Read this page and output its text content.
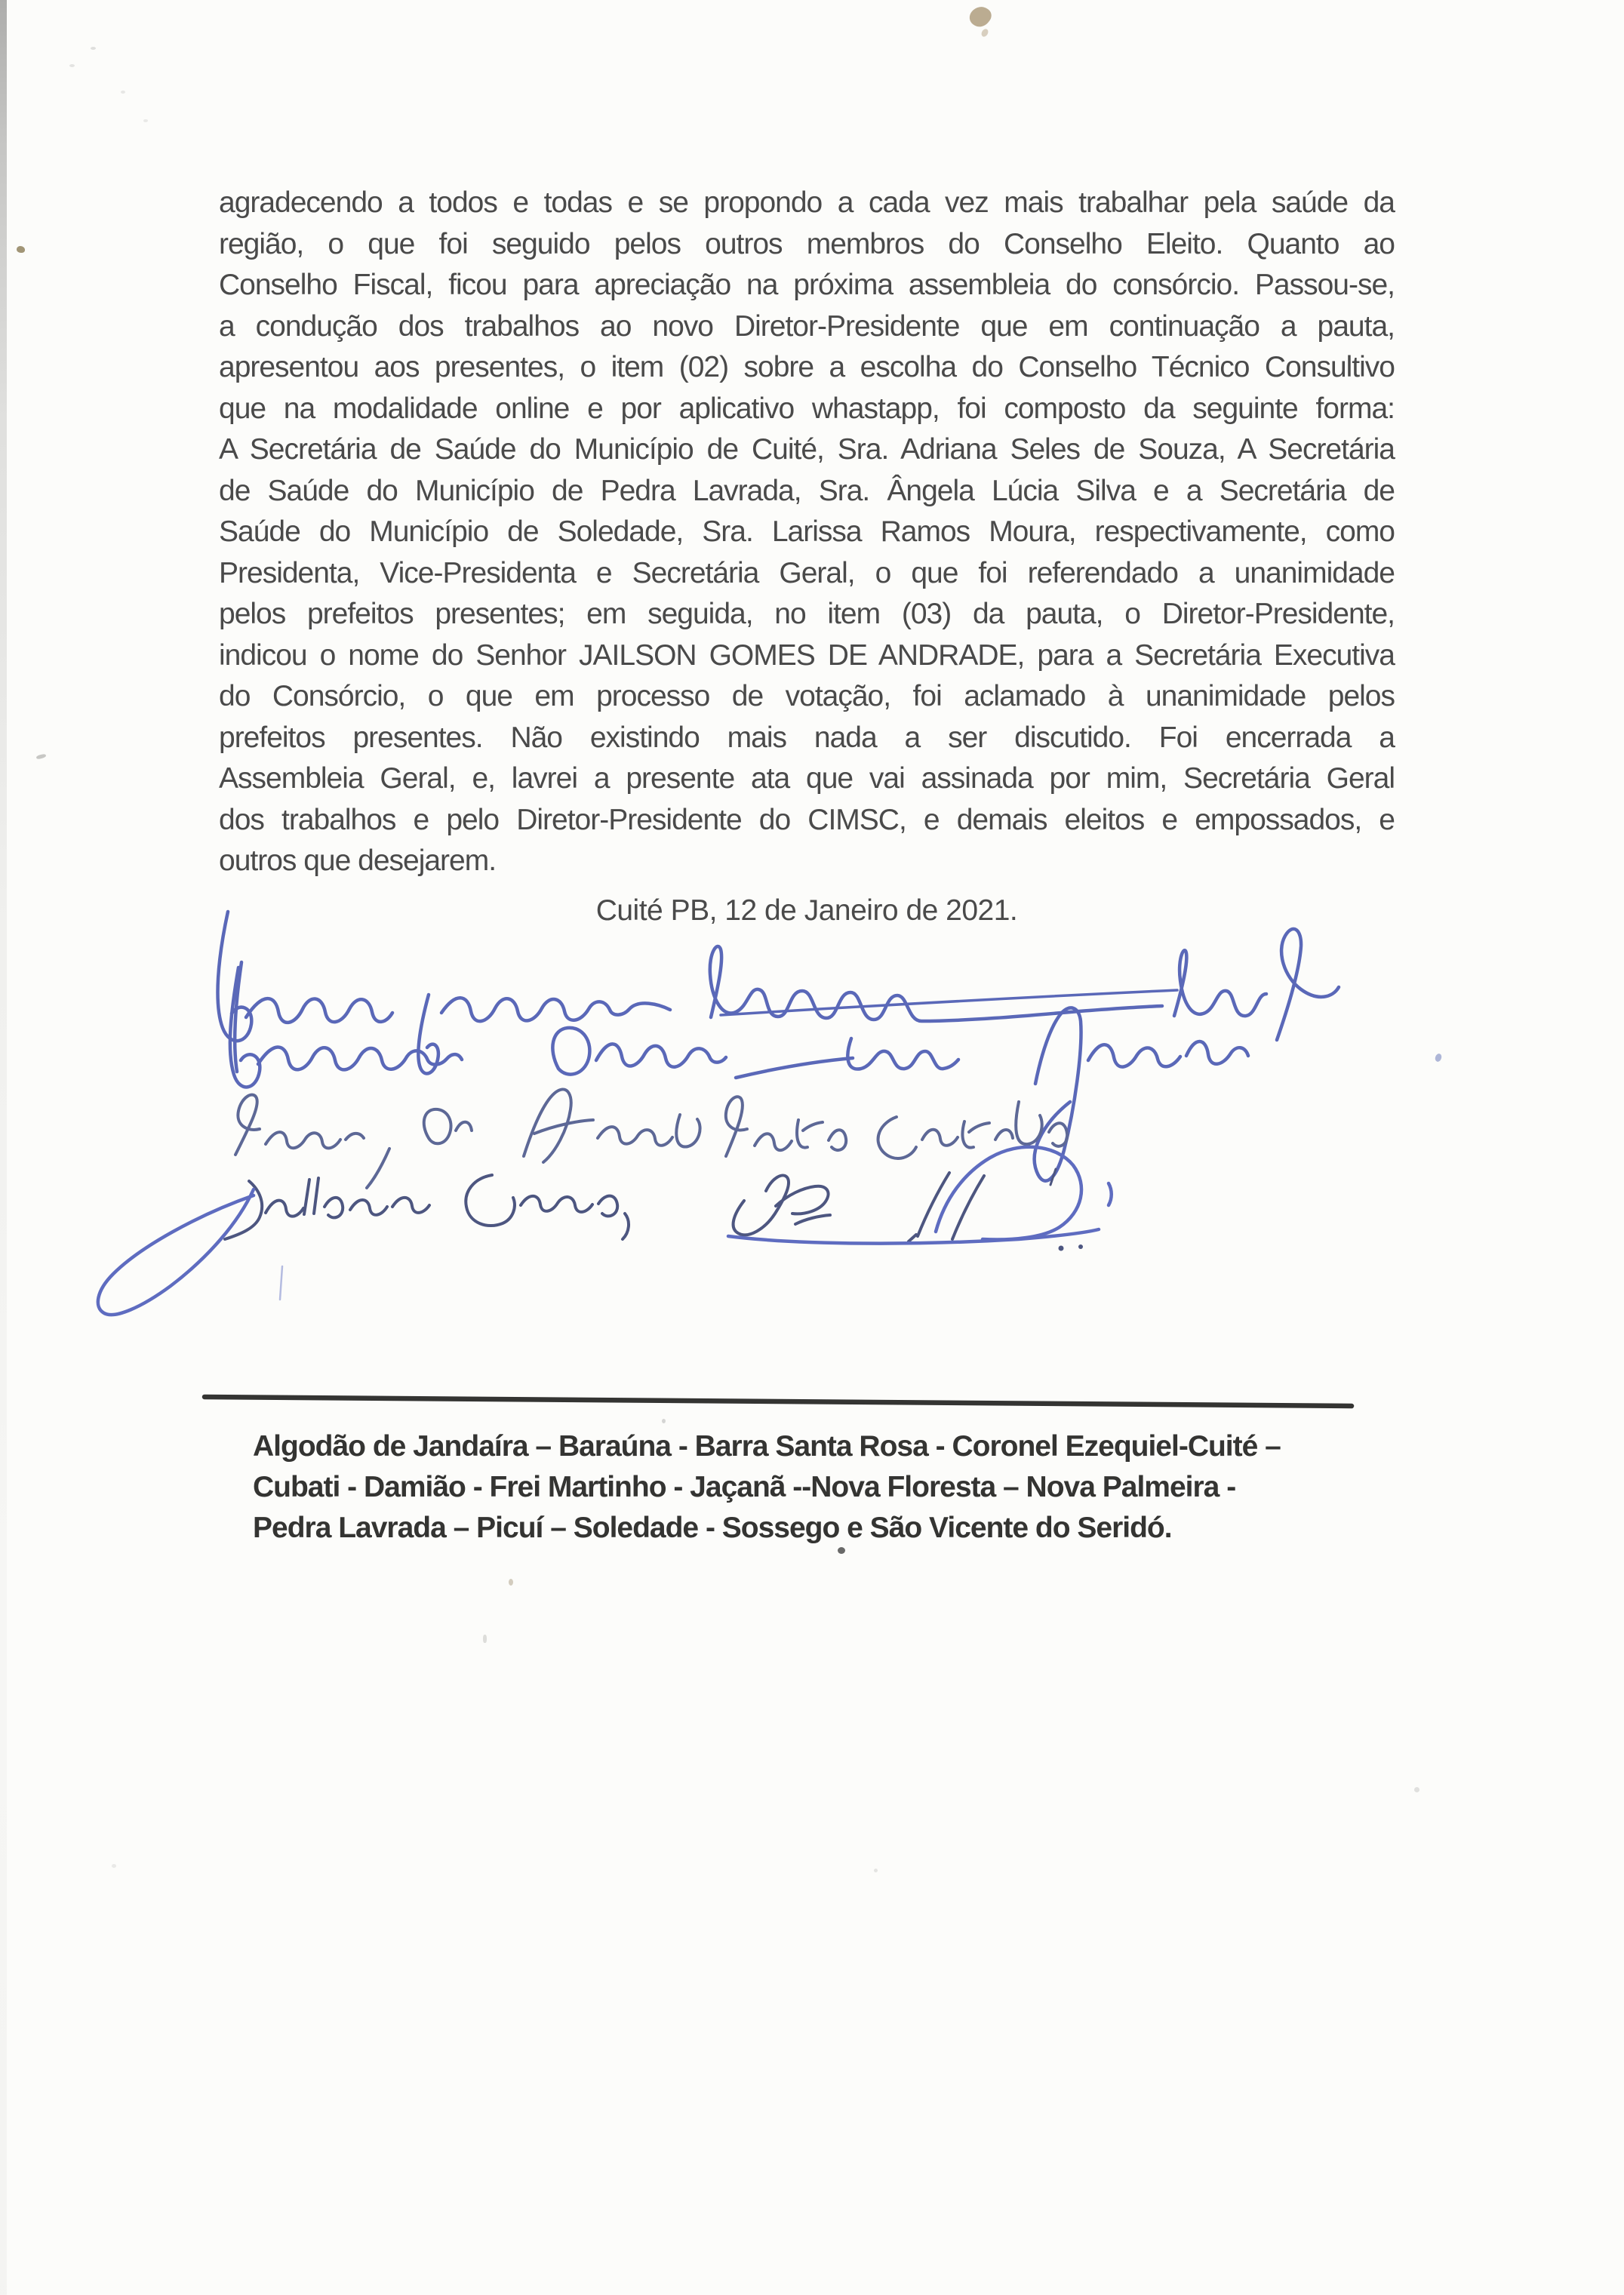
agradecendo a todos e todas e se propondo a cada vez mais trabalhar pela saúde da
região, o que foi seguido pelos outros membros do Conselho Eleito. Quanto ao
Conselho Fiscal, ficou para apreciação na próxima assembleia do consórcio. Passou-se,
a condução dos trabalhos ao novo Diretor-Presidente que em continuação a pauta,
apresentou aos presentes, o item (02) sobre a escolha do Conselho Técnico Consultivo
que na modalidade online e por aplicativo whastapp, foi composto da seguinte forma:
A Secretária de Saúde do Município de Cuité, Sra. Adriana Seles de Souza, A Secretária
de Saúde do Município de Pedra Lavrada, Sra. Ângela Lúcia Silva e a Secretária de
Saúde do Município de Soledade, Sra. Larissa Ramos Moura, respectivamente, como
Presidenta, Vice-Presidenta e Secretária Geral, o que foi referendado a unanimidade
pelos prefeitos presentes; em seguida, no item (03) da pauta, o Diretor-Presidente,
indicou o nome do Senhor JAILSON GOMES DE ANDRADE, para a Secretária Executiva
do Consórcio, o que em processo de votação, foi aclamado à unanimidade pelos
prefeitos presentes. Não existindo mais nada a ser discutido. Foi encerrada a
Assembleia Geral, e, lavrei a presente ata que vai assinada por mim, Secretária Geral
dos trabalhos e pelo Diretor-Presidente do CIMSC, e demais eleitos e empossados, e
outros que desejarem.
Cuité PB, 12 de Janeiro de 2021.
Algodão de Jandaíra – Baraúna - Barra Santa Rosa - Coronel Ezequiel-Cuité –
Cubati - Damião - Frei Martinho - Jaçanã --Nova Floresta – Nova Palmeira -
Pedra Lavrada – Picuí – Soledade - Sossego e São Vicente do Seridó.
